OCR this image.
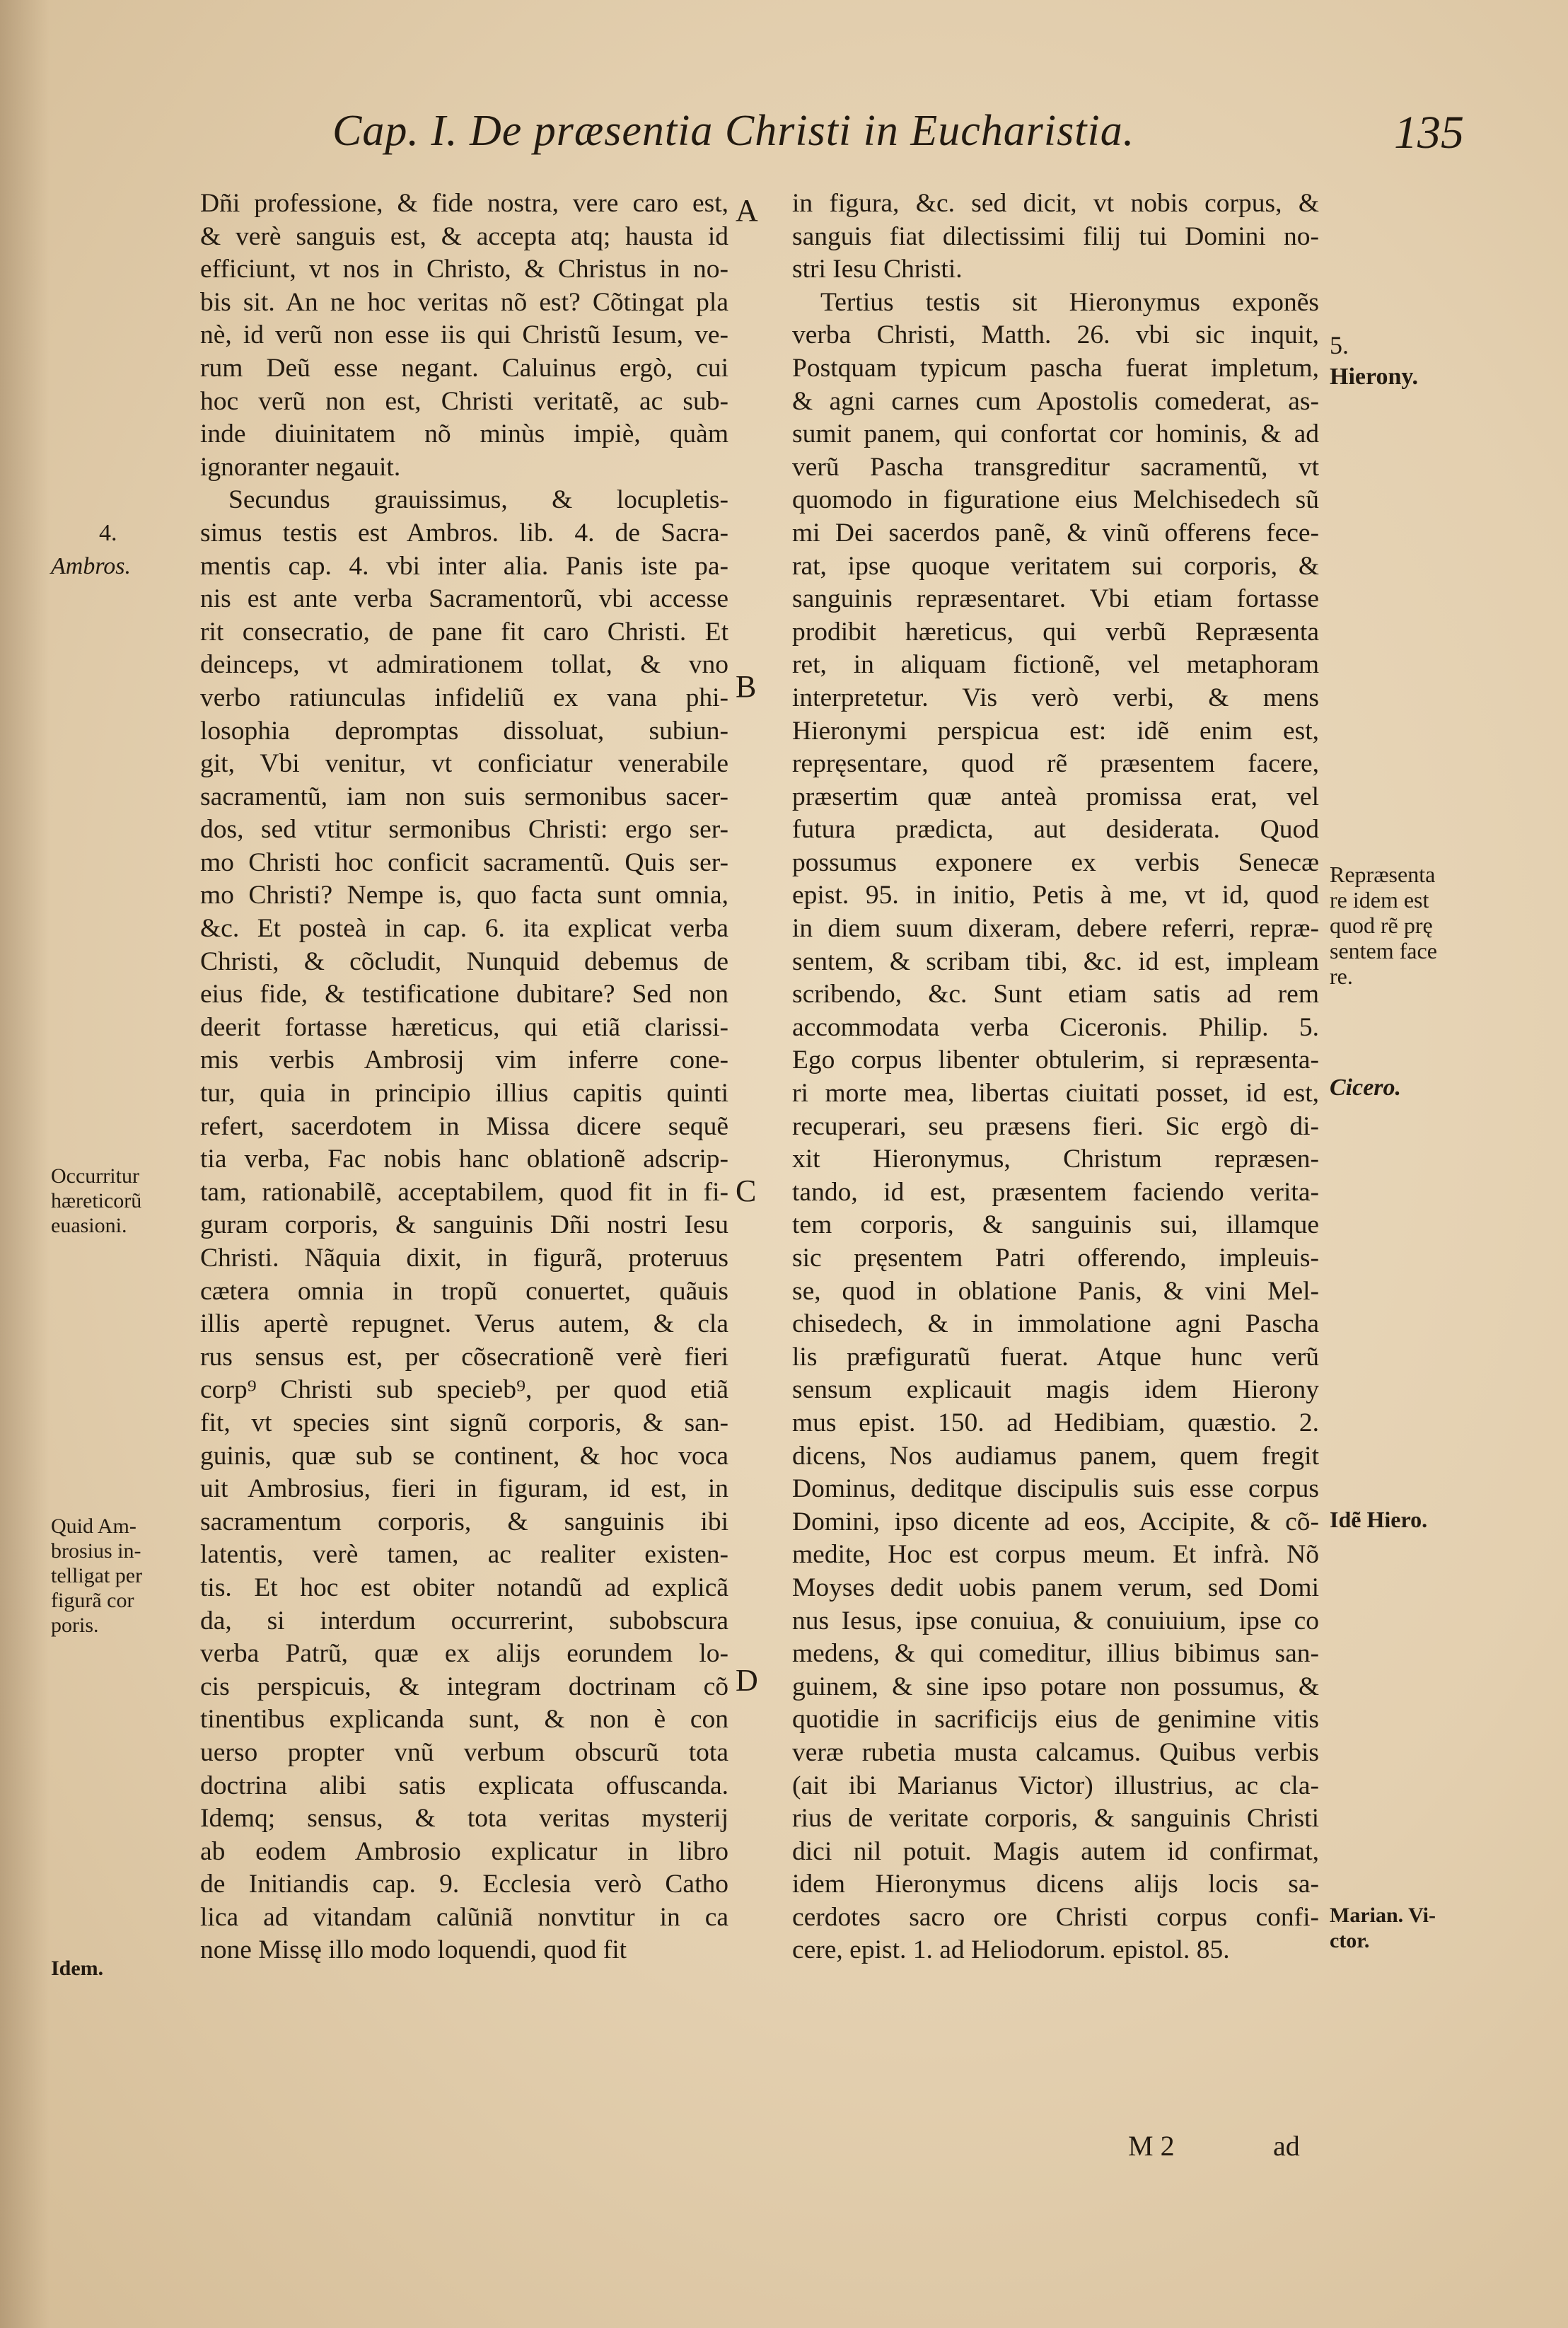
Cap. I. De præsentia Christi in Eucharistia.	135
4.
Ambros.
Occurritur
hæreticorũ
euasioni.
Quid Am-
brosius in-
telligat per
figurã cor
poris.
Idem.
Dñi professione, & fide nostra, vere caro est,
& verè sanguis est, & accepta atq; hausta id
efficiunt, vt nos in Christo, & Christus in no-
bis sit. An ne hoc veritas nõ est? Cõtingat pla
nè, id verũ non esse iis qui Christũ Iesum, ve-
rum Deũ esse negant. Caluinus ergò, cui
hoc verũ non est, Christi veritatẽ, ac sub-
inde diuinitatem nõ minùs impiè, quàm
ignoranter negauit.
Secundus grauissimus, & locupletis-
simus testis est Ambros. lib. 4. de Sacra-
mentis cap. 4. vbi inter alia. Panis iste pa-
nis est ante verba Sacramentorũ, vbi accesse
rit consecratio, de pane fit caro Christi. Et
deinceps, vt admirationem tollat, & vno
verbo ratiunculas infideliũ ex vana phi-
losophia depromptas dissoluat, subiun-
git, Vbi venitur, vt conficiatur venerabile
sacramentũ, iam non suis sermonibus sacer-
dos, sed vtitur sermonibus Christi: ergo ser-
mo Christi hoc conficit sacramentũ. Quis ser-
mo Christi? Nempe is, quo facta sunt omnia,
&c. Et posteà in cap. 6. ita explicat verba
Christi, & cõcludit, Nunquid debemus de
eius fide, & testificatione dubitare? Sed non
deerit fortasse hæreticus, qui etiã clarissi-
mis verbis Ambrosij vim inferre cone-
tur, quia in principio illius capitis quinti
refert, sacerdotem in Missa dicere sequẽ
tia verba, Fac nobis hanc oblationẽ adscrip-
tam, rationabilẽ, acceptabilem, quod fit in fi-
guram corporis, & sanguinis Dñi nostri Iesu
Christi. Nãquia dixit, in figurã, proteruus
cætera omnia in tropũ conuertet, quãuis
illis apertè repugnet. Verus autem, & cla
rus sensus est, per cõsecrationẽ verè fieri
corp⁹ Christi sub specieb⁹, per quod etiã
fit, vt species sint signũ corporis, & san-
guinis, quæ sub se continent, & hoc voca
uit Ambrosius, fieri in figuram, id est, in
sacramentum corporis, & sanguinis ibi
latentis, verè tamen, ac realiter existen-
tis. Et hoc est obiter notandũ ad explicã
da, si interdum occurrerint, subobscura
verba Patrũ, quæ ex alijs eorundem lo-
cis perspicuis, & integram doctrinam cõ
tinentibus explicanda sunt, & non è con
uerso propter vnũ verbum obscurũ tota
doctrina alibi satis explicata offuscanda.
Idemq; sensus, & tota veritas mysterij
ab eodem Ambrosio explicatur in libro
de Initiandis cap. 9. Ecclesia verò Catho
lica ad vitandam calũniã nonvtitur in ca
none Missę illo modo loquendi, quod fit
A
B
C
D
in figura, &c. sed dicit, vt nobis corpus, &
sanguis fiat dilectissimi filij tui Domini no-
stri Iesu Christi.
Tertius testis sit Hieronymus exponẽs
verba Christi, Matth. 26. vbi sic inquit,
Postquam typicum pascha fuerat impletum,
& agni carnes cum Apostolis comederat, as-
sumit panem, qui confortat cor hominis, & ad
verũ Pascha transgreditur sacramentũ, vt
quomodo in figuratione eius Melchisedech sũ
mi Dei sacerdos panẽ, & vinũ offerens fece-
rat, ipse quoque veritatem sui corporis, &
sanguinis repræsentaret. Vbi etiam fortasse
prodibit hæreticus, qui verbũ Repræsenta
ret, in aliquam fictionẽ, vel metaphoram
interpretetur. Vis verò verbi, & mens
Hieronymi perspicua est: idẽ enim est,
repręsentare, quod rẽ præsentem facere,
præsertim quæ anteà promissa erat, vel
futura prædicta, aut desiderata. Quod
possumus exponere ex verbis Senecæ
epist. 95. in initio, Petis à me, vt id, quod
in diem suum dixeram, debere referri, repræ-
sentem, & scribam tibi, &c. id est, impleam
scribendo, &c. Sunt etiam satis ad rem
accommodata verba Ciceronis. Philip. 5.
Ego corpus libenter obtulerim, si repræsenta-
ri morte mea, libertas ciuitati posset, id est,
recuperari, seu præsens fieri. Sic ergò di-
xit Hieronymus, Christum repræsen-
tando, id est, præsentem faciendo verita-
tem corporis, & sanguinis sui, illamque
sic pręsentem Patri offerendo, impleuis-
se, quod in oblatione Panis, & vini Mel-
chisedech, & in immolatione agni Pascha
lis præfiguratũ fuerat. Atque hunc verũ
sensum explicauit magis idem Hierony
mus epist. 150. ad Hedibiam, quæstio. 2.
dicens, Nos audiamus panem, quem fregit
Dominus, deditque discipulis suis esse corpus
Domini, ipso dicente ad eos, Accipite, & cõ-
medite, Hoc est corpus meum. Et infrà. Nõ
Moyses dedit uobis panem verum, sed Domi
nus Iesus, ipse conuiua, & conuiuium, ipse co
medens, & qui comeditur, illius bibimus san-
guinem, & sine ipso potare non possumus, &
quotidie in sacrificijs eius de genimine vitis
veræ rubetia musta calcamus. Quibus verbis
(ait ibi Marianus Victor) illustrius, ac cla-
rius de veritate corporis, & sanguinis Christi
dici nil potuit. Magis autem id confirmat,
idem Hieronymus dicens alijs locis sa-
cerdotes sacro ore Christi corpus confi-
cere, epist. 1. ad Heliodorum. epistol. 85.
5.
Hierony.
Repræsenta
re idem est
quod rẽ prę
sentem face
re.
Cicero.
Idẽ Hiero.
Marian. Vi-
ctor.
M 2	ad
